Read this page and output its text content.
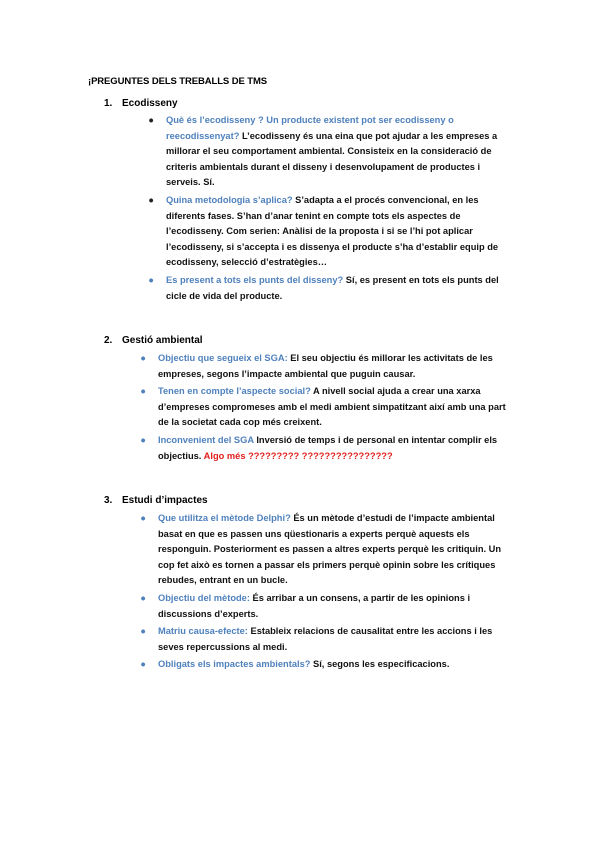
¡PREGUNTES DELS TREBALLS DE TMS
1. Ecodisseny
● Què és l’ecodisseny ? Un producte existent pot ser ecodisseny o reecodissenyat? L’ecodisseny és una eina que pot ajudar a les empreses a millorar el seu comportament ambiental. Consisteix en la consideració de criteris ambientals durant el disseny i desenvolupament de productes i serveis. Sí.
● Quina metodologia s’aplica? S’adapta a el procés convencional, en les diferents fases. S’han d’anar tenint en compte tots els aspectes de l’ecodisseny. Com serien: Anàlisi de la proposta i si se l’hi pot aplicar l’ecodisseny, si s’accepta i es dissenya el producte s’ha d’establir equip de ecodisseny, selecció d’estratègies…
● Es present a tots els punts del disseny? Sí, es present en tots els punts del cicle de vida del producte.
2. Gestió ambiental
● Objectiu que segueix el SGA: El seu objectiu és millorar les activitats de les empreses, segons l’impacte ambiental que puguin causar.
● Tenen en compte l’aspecte social? A nivell social ajuda a crear una xarxa d’empreses compromeses amb el medi ambient simpatitzant així amb una part de la societat cada cop més creixent.
● Inconvenient del SGA Inversió de temps i de personal en intentar complir els objectius. Algo més ????????? ????????????????
3. Estudi d’impactes
● Que utilitza el mètode Delphi? És un mètode d’estudi de l’impacte ambiental basat en que es passen uns qüestionaris a experts perquè aquests els responguin. Posteriorment es passen a altres experts perquè les critiquin. Un cop fet això es tornen a passar els primers perquè opinin sobre les crítiques rebudes, entrant en un bucle.
● Objectiu del mètode: És arribar a un consens, a partir de les opinions i discussions d’experts.
● Matriu causa-efecte: Estableix relacions de causalitat entre les accions i les seves repercussions al medi.
● Obligats els impactes ambientals? Sí, segons les especificacions.
